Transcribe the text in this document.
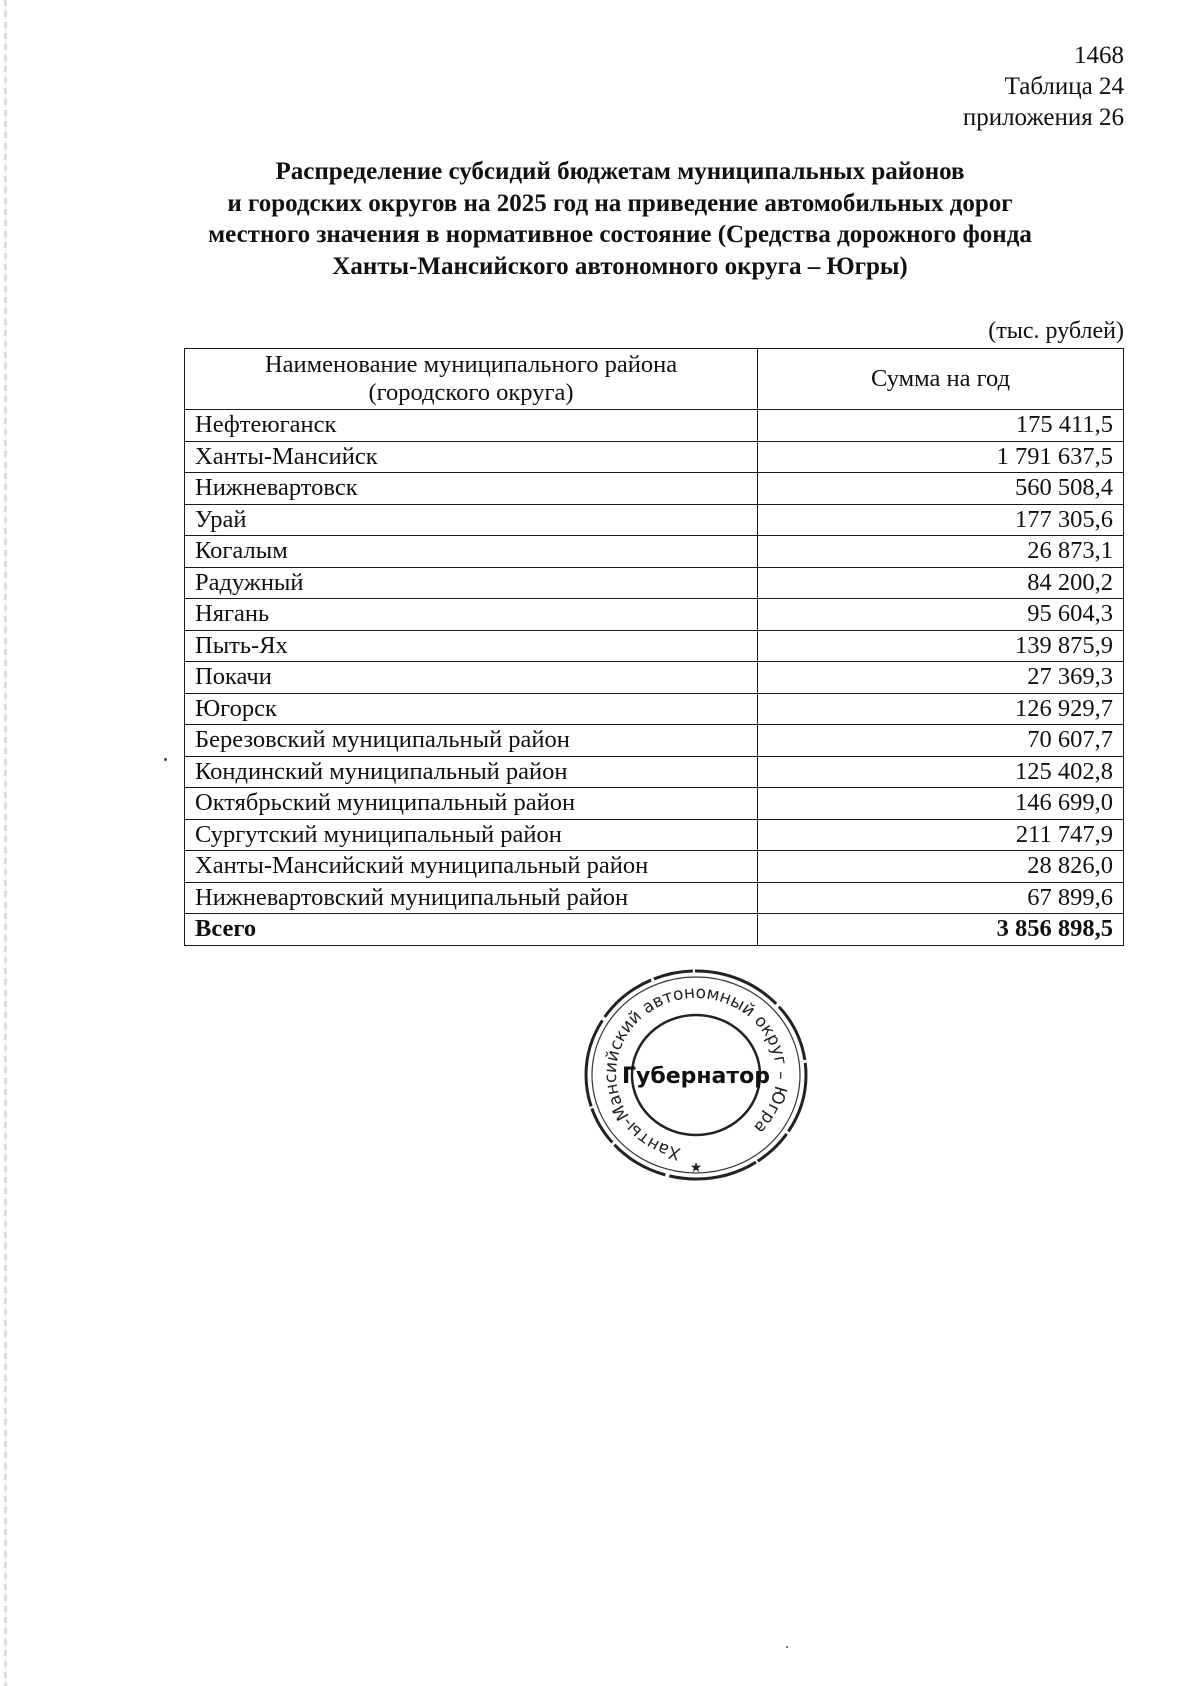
1468
Таблица 24
приложения 26
Распределение субсидий бюджетам муниципальных районов
и городских округов на 2025 год на приведение автомобильных дорог
местного значения в нормативное состояние (Средства дорожного фонда
Ханты-Мансийского автономного округа – Югры)
(тыс. рублей)
Наименование муниципального района
(городского округа)	Сумма на год
Нефтеюганск	175 411,5
Ханты-Мансийск	1 791 637,5
Нижневартовск	560 508,4
Урай	177 305,6
Когалым	26 873,1
Радужный	84 200,2
Нягань	95 604,3
Пыть-Ях	139 875,9
Покачи	27 369,3
Югорск	126 929,7
Березовский муниципальный район	70 607,7
Кондинский муниципальный район	125 402,8
Октябрьский муниципальный район	146 699,0
Сургутский муниципальный район	211 747,9
Ханты-Мансийский муниципальный район	28 826,0
Нижневартовский муниципальный район	67 899,6
Всего	3 856 898,5
Ханты-Мансийский автономный округ – Югра
Губернатор
★
